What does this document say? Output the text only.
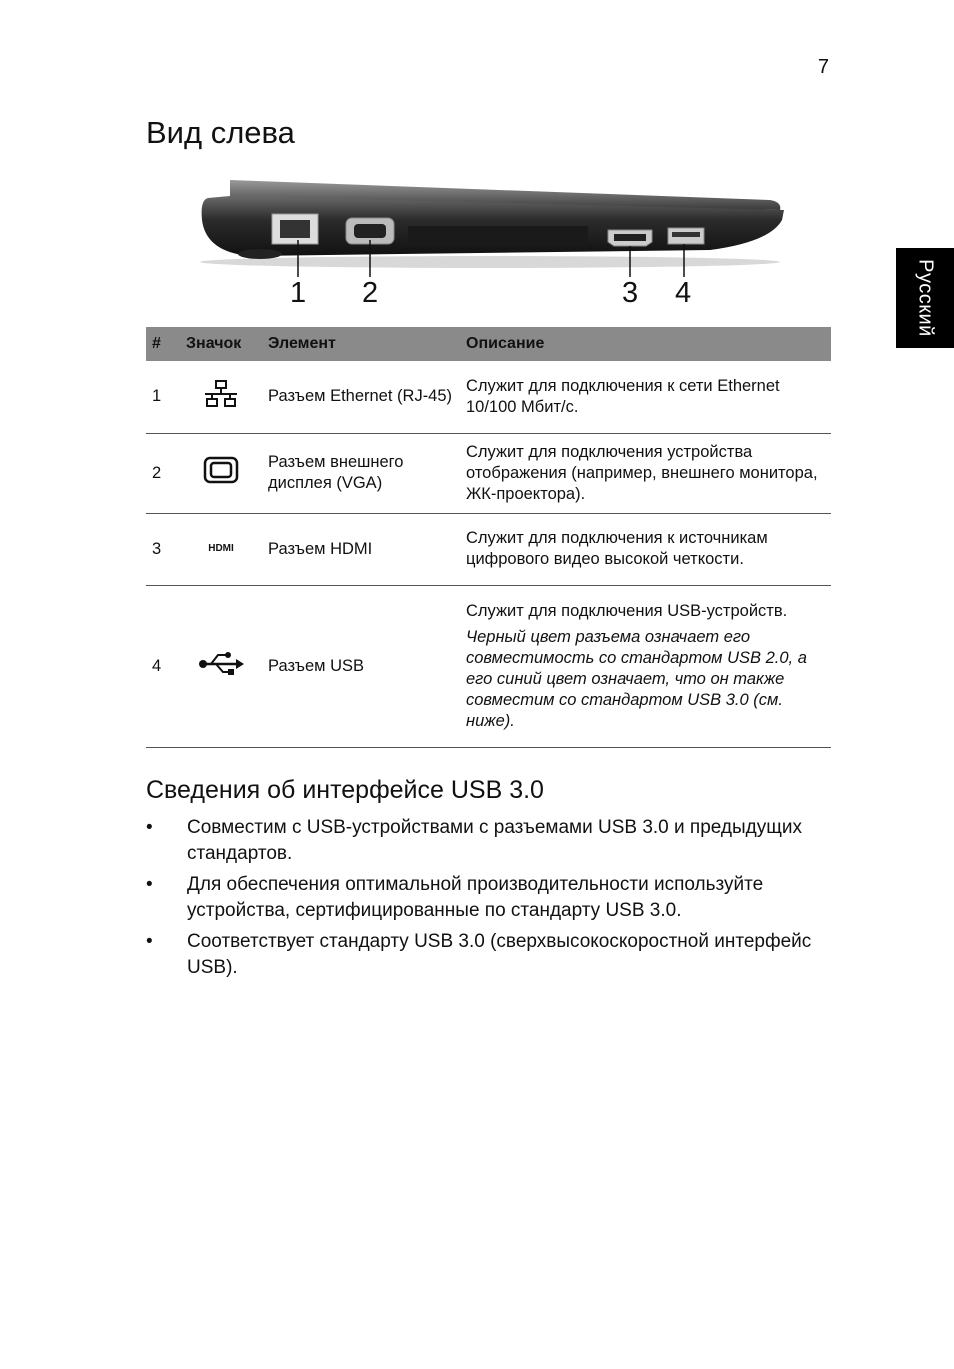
7
Русский
Вид слева
1 2	3 4
#	Значок	Элемент	Описание
1		Разъем Ethernet (RJ-45)	Служит для подключения к сети Ethernet 10/100 Мбит/с.
2		Разъем внешнего дисплея (VGA)	Служит для подключения устройства отображения (например, внешнего монитора, ЖК-проектора).
3	HDMI	Разъем HDMI	Служит для подключения к источникам цифрового видео высокой четкости.
4		Разъем USB	Служит для подключения USB-устройств.
Черный цвет разъема означает его совместимость со стандартом USB 2.0, а его синий цвет означает, что он также совместим со стандартом USB 3.0 (см. ниже).
Сведения об интерфейсе USB 3.0
• Совместим с USB-устройствами с разъемами USB 3.0 и предыдущих стандартов.
• Для обеспечения оптимальной производительности используйте устройства, сертифицированные по стандарту USB 3.0.
• Соответствует стандарту USB 3.0 (сверхвысокоскоростной интерфейс USB).
